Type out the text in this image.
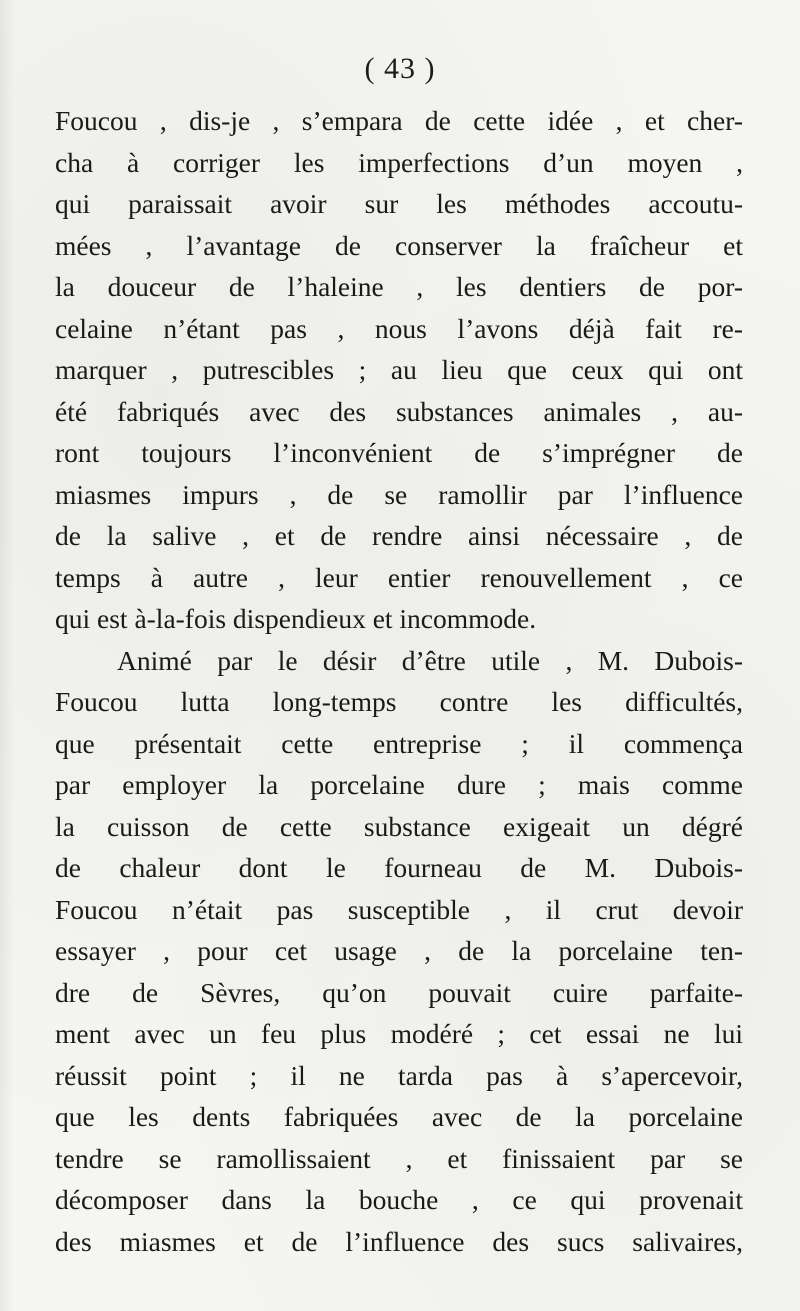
( 43 )
Foucou , dis-je , s’empara de cette idée , et cher-
cha à corriger les imperfections d’un moyen ,
qui paraissait avoir sur les méthodes accoutu-
mées , l’avantage de conserver la fraîcheur et
la douceur de l’haleine , les dentiers de por-
celaine n’étant pas , nous l’avons déjà fait re-
marquer , putrescibles ; au lieu que ceux qui ont
été fabriqués avec des substances animales , au-
ront toujours l’inconvénient de s’imprégner de
miasmes impurs , de se ramollir par l’influence
de la salive , et de rendre ainsi nécessaire , de
temps à autre , leur entier renouvellement , ce
qui est à-la-fois dispendieux et incommode.
Animé par le désir d’être utile , M. Dubois-
Foucou lutta long-temps contre les difficultés,
que présentait cette entreprise ; il commença
par employer la porcelaine dure ; mais comme
la cuisson de cette substance exigeait un dégré
de chaleur dont le fourneau de M. Dubois-
Foucou n’était pas susceptible , il crut devoir
essayer , pour cet usage , de la porcelaine ten-
dre de Sèvres, qu’on pouvait cuire parfaite-
ment avec un feu plus modéré ; cet essai ne lui
réussit point ; il ne tarda pas à s’apercevoir,
que les dents fabriquées avec de la porcelaine
tendre se ramollissaient , et finissaient par se
décomposer dans la bouche , ce qui provenait
des miasmes et de l’influence des sucs salivaires,
